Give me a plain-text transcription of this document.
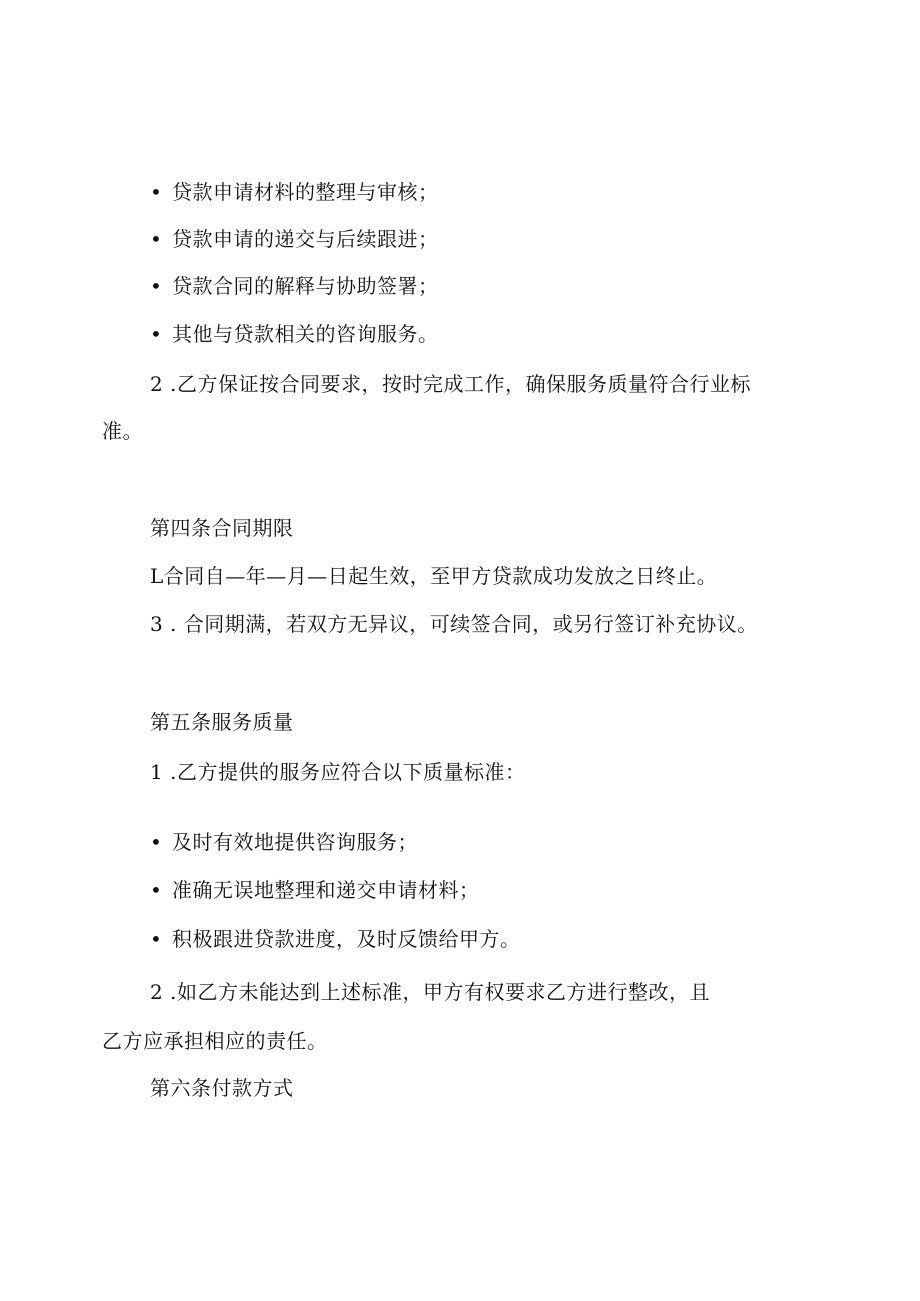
• 贷款申请材料的整理与审核；
• 贷款申请的递交与后续跟进；
• 贷款合同的解释与协助签署；
• 其他与贷款相关的咨询服务。
2 .乙方保证按合同要求，按时完成工作，确保服务质量符合行业标
准。
第四条合同期限
L合同自—年—月—日起生效，至甲方贷款成功发放之日终止。
3 . 合同期满，若双方无异议，可续签合同，或另行签订补充协议。
第五条服务质量
1 .乙方提供的服务应符合以下质量标准：
• 及时有效地提供咨询服务；
• 准确无误地整理和递交申请材料；
• 积极跟进贷款进度，及时反馈给甲方。
2 .如乙方未能达到上述标准，甲方有权要求乙方进行整改，且
乙方应承担相应的责任。
第六条付款方式
